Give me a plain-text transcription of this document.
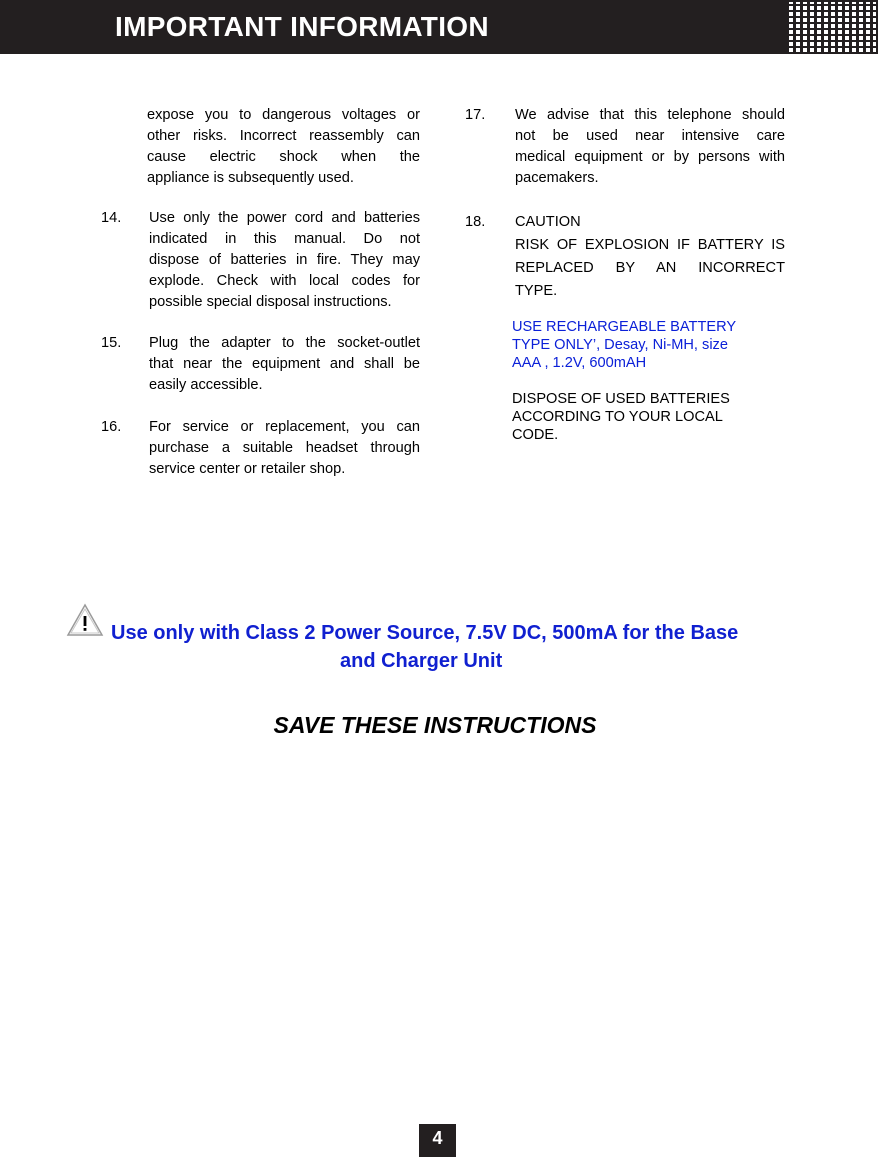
IMPORTANT INFORMATION
expose you to dangerous voltages or
other risks. Incorrect reassembly can
cause electric shock when the
appliance is subsequently used.
14. Use only the power cord and batteries
indicated in this manual. Do not
dispose of batteries in fire. They may
explode. Check with local codes for
possible special disposal instructions.
15. Plug the adapter to the socket-outlet
that near the equipment and shall be
easily accessible.
16. For service or replacement, you can
purchase a suitable headset through
service center or retailer shop.
17. We advise that this telephone should
not be used near intensive care
medical equipment or by persons with
pacemakers.
18. CAUTION
RISK OF EXPLOSION IF BATTERY IS
REPLACED BY AN INCORRECT
TYPE.
USE RECHARGEABLE BATTERY
TYPE ONLY’, Desay, Ni-MH, size
AAA , 1.2V, 600mAH
DISPOSE OF USED BATTERIES
ACCORDING TO YOUR LOCAL
CODE.
Use only with Class 2 Power Source, 7.5V DC, 500mA for the Base
and Charger Unit
SAVE THESE INSTRUCTIONS
4
